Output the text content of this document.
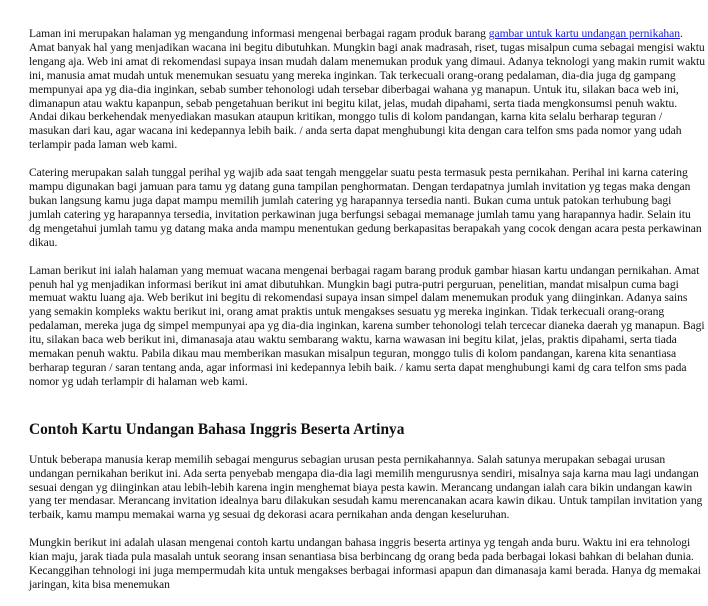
Laman ini merupakan halaman yg mengandung informasi mengenai berbagai ragam produk barang gambar untuk kartu undangan pernikahan. Amat banyak hal yang menjadikan wacana ini begitu dibutuhkan. Mungkin bagi anak madrasah, riset, tugas misalpun cuma sebagai mengisi waktu lengang aja. Web ini amat di rekomendasi supaya insan mudah dalam menemukan produk yang dimaui. Adanya teknologi yang makin rumit waktu ini, manusia amat mudah untuk menemukan sesuatu yang mereka inginkan. Tak terkecuali orang-orang pedalaman, dia-dia juga dg gampang mempunyai apa yg dia-dia inginkan, sebab sumber tehonologi udah tersebar diberbagai wahana yg manapun. Untuk itu, silakan baca web ini, dimanapun atau waktu kapanpun, sebab pengetahuan berikut ini begitu kilat, jelas, mudah dipahami, serta tiada mengkonsumsi penuh waktu. Andai dikau berkehendak menyediakan masukan ataupun kritikan, monggo tulis di kolom pandangan, karna kita selalu berharap teguran / masukan dari kau, agar wacana ini kedepannya lebih baik. / anda serta dapat menghubungi kita dengan cara telfon sms pada nomor yang udah terlampir pada laman web kami.

Catering merupakan salah tunggal perihal yg wajib ada saat tengah menggelar suatu pesta termasuk pesta pernikahan. Perihal ini karna catering mampu digunakan bagi jamuan para tamu yg datang guna tampilan penghormatan. Dengan terdapatnya jumlah invitation yg tegas maka dengan bukan langsung kamu juga dapat mampu memilih jumlah catering yg harapannya tersedia nanti. Bukan cuma untuk patokan terhubung bagi jumlah catering yg harapannya tersedia, invitation perkawinan juga berfungsi sebagai memanage jumlah tamu yang harapannya hadir. Selain itu dg mengetahui jumlah tamu yg datang maka anda mampu menentukan gedung berkapasitas berapakah yang cocok dengan acara pesta perkawinan dikau.

Laman berikut ini ialah halaman yang memuat wacana mengenai berbagai ragam barang produk gambar hiasan kartu undangan pernikahan. Amat penuh hal yg menjadikan informasi berikut ini amat dibutuhkan. Mungkin bagi putra-putri perguruan, penelitian, mandat misalpun cuma bagi memuat waktu luang aja. Web berikut ini begitu di rekomendasi supaya insan simpel dalam menemukan produk yang diinginkan. Adanya sains yang semakin kompleks waktu berikut ini, orang amat praktis untuk mengakses sesuatu yg mereka inginkan. Tidak terkecuali orang-orang pedalaman, mereka juga dg simpel mempunyai apa yg dia-dia inginkan, karena sumber tehonologi telah tercecar dianeka daerah yg manapun. Bagi itu, silakan baca web berikut ini, dimanasaja atau waktu sembarang waktu, karna wawasan ini begitu kilat, jelas, praktis dipahami, serta tiada memakan penuh waktu. Pabila dikau mau memberikan masukan misalpun teguran, monggo tulis di kolom pandangan, karena kita senantiasa berharap teguran / saran tentang anda, agar informasi ini kedepannya lebih baik. / kamu serta dapat menghubungi kami dg cara telfon sms pada nomor yg udah terlampir di halaman web kami.

Contoh Kartu Undangan Bahasa Inggris Beserta Artinya

Untuk beberapa manusia kerap memilih sebagai mengurus sebagian urusan pesta pernikahannya. Salah satunya merupakan sebagai urusan undangan pernikahan berikut ini. Ada serta penyebab mengapa dia-dia lagi memilih mengurusnya sendiri, misalnya saja karna mau lagi undangan sesuai dengan yg diinginkan atau lebih-lebih karena ingin menghemat biaya pesta kawin. Merancang undangan ialah cara bikin undangan kawin yang ter mendasar. Merancang invitation idealnya baru dilakukan sesudah kamu merencanakan acara kawin dikau. Untuk tampilan invitation yang terbaik, kamu mampu memakai warna yg sesuai dg dekorasi acara pernikahan anda dengan keseluruhan.

Mungkin berikut ini adalah ulasan mengenai contoh kartu undangan bahasa inggris beserta artinya yg tengah anda buru. Waktu ini era tehnologi kian maju, jarak tiada pula masalah untuk seorang insan senantiasa bisa berbincang dg orang beda pada berbagai lokasi bahkan di belahan dunia. Kecanggihan tehnologi ini juga mempermudah kita untuk mengakses berbagai informasi apapun dan dimanasaja kami berada. Hanya dg memakai jaringan, kita bisa menemukan
